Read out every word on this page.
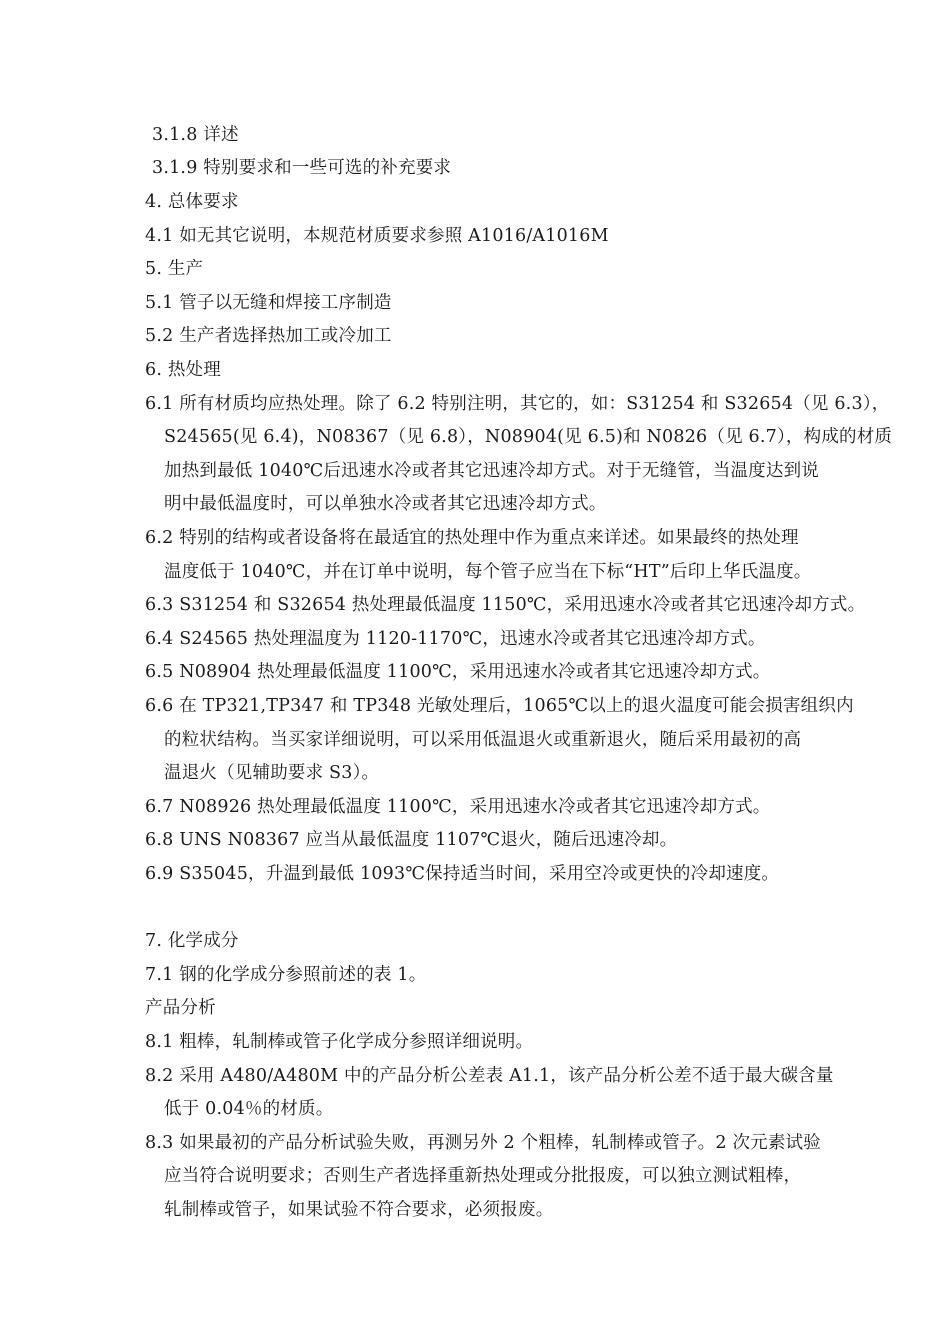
3.1.8 详述
3.1.9 特别要求和一些可选的补充要求
4. 总体要求
4.1 如无其它说明，本规范材质要求参照 A1016/A1016M
5. 生产
5.1 管子以无缝和焊接工序制造
5.2 生产者选择热加工或冷加工
6. 热处理
6.1 所有材质均应热处理。除了 6.2 特别注明，其它的，如：S31254 和 S32654（见 6.3），
S24565(见 6.4)，N08367（见 6.8），N08904(见 6.5)和 N0826（见 6.7），构成的材质
加热到最低 1040℃后迅速水冷或者其它迅速冷却方式。对于无缝管，当温度达到说
明中最低温度时，可以单独水冷或者其它迅速冷却方式。
6.2 特别的结构或者设备将在最适宜的热处理中作为重点来详述。如果最终的热处理
温度低于 1040℃，并在订单中说明，每个管子应当在下标“HT”后印上华氏温度。
6.3 S31254 和 S32654 热处理最低温度 1150℃，采用迅速水冷或者其它迅速冷却方式。
6.4 S24565 热处理温度为 1120-1170℃，迅速水冷或者其它迅速冷却方式。
6.5 N08904 热处理最低温度 1100℃，采用迅速水冷或者其它迅速冷却方式。
6.6 在 TP321,TP347 和 TP348 光敏处理后，1065℃以上的退火温度可能会损害组织内
的粒状结构。当买家详细说明，可以采用低温退火或重新退火，随后采用最初的高
温退火（见辅助要求 S3）。
6.7 N08926 热处理最低温度 1100℃，采用迅速水冷或者其它迅速冷却方式。
6.8 UNS N08367 应当从最低温度 1107℃退火，随后迅速冷却。
6.9 S35045，升温到最低 1093℃保持适当时间，采用空冷或更快的冷却速度。
7. 化学成分
7.1 钢的化学成分参照前述的表 1。
产品分析
8.1 粗棒，轧制棒或管子化学成分参照详细说明。
8.2 采用 A480/A480M 中的产品分析公差表 A1.1，该产品分析公差不适于最大碳含量
低于 0.04％的材质。
8.3 如果最初的产品分析试验失败，再测另外 2 个粗棒，轧制棒或管子。2 次元素试验
应当符合说明要求；否则生产者选择重新热处理或分批报废，可以独立测试粗棒，
轧制棒或管子，如果试验不符合要求，必须报废。
